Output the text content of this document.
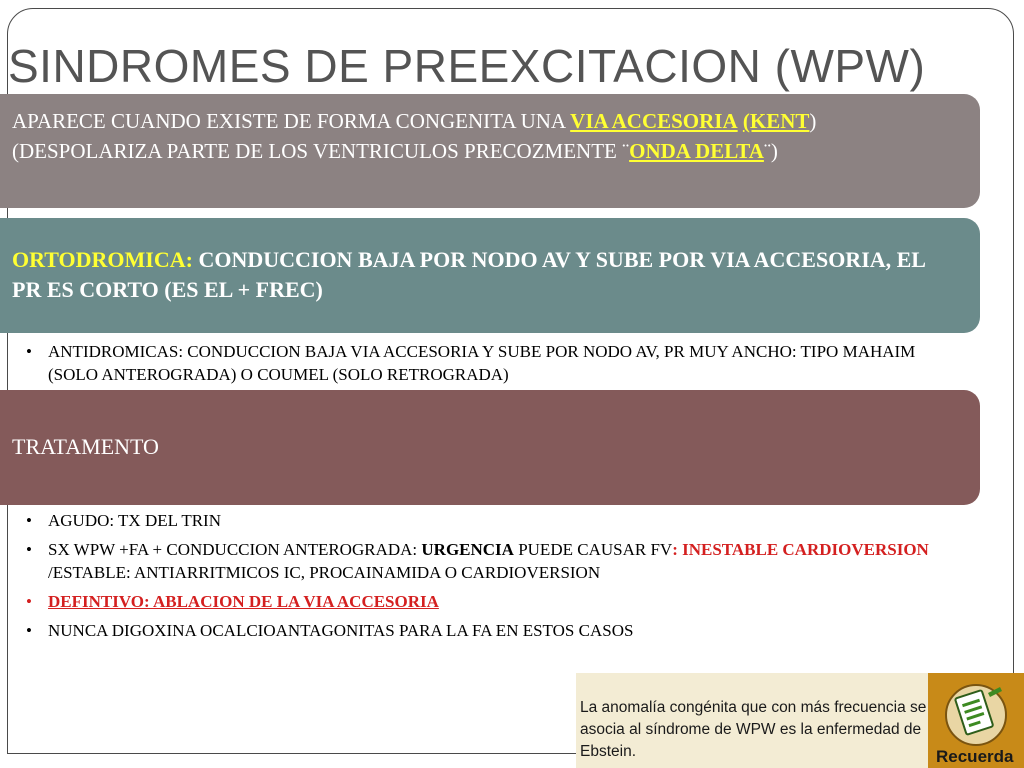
SINDROMES DE PREEXCITACION (WPW)
APARECE CUANDO EXISTE DE FORMA CONGENITA UNA VIA ACCESORIA (KENT) (DESPOLARIZA PARTE DE LOS VENTRICULOS PRECOZMENTE ¨ONDA DELTA¨)
ORTODROMICA: CONDUCCION BAJA POR NODO AV Y SUBE POR VIA ACCESORIA, EL PR ES CORTO (ES EL + FREC)
• ANTIDROMICAS: CONDUCCION BAJA VIA ACCESORIA Y SUBE POR NODO AV, PR MUY ANCHO: TIPO MAHAIM (SOLO ANTEROGRADA) O COUMEL (SOLO RETROGRADA)
TRATAMENTO
• AGUDO: TX DEL TRIN
• SX WPW +FA + CONDUCCION ANTEROGRADA: URGENCIA PUEDE CAUSAR FV: INESTABLE CARDIOVERSION /ESTABLE: ANTIARRITMICOS IC, PROCAINAMIDA O CARDIOVERSION
• DEFINTIVO: ABLACION DE LA VIA ACCESORIA
• NUNCA DIGOXINA OCALCIOANTAGONITAS PARA LA FA EN ESTOS CASOS
La anomalía congénita que con más frecuencia se asocia al síndrome de WPW es la enfermedad de Ebstein.	Recuerda
